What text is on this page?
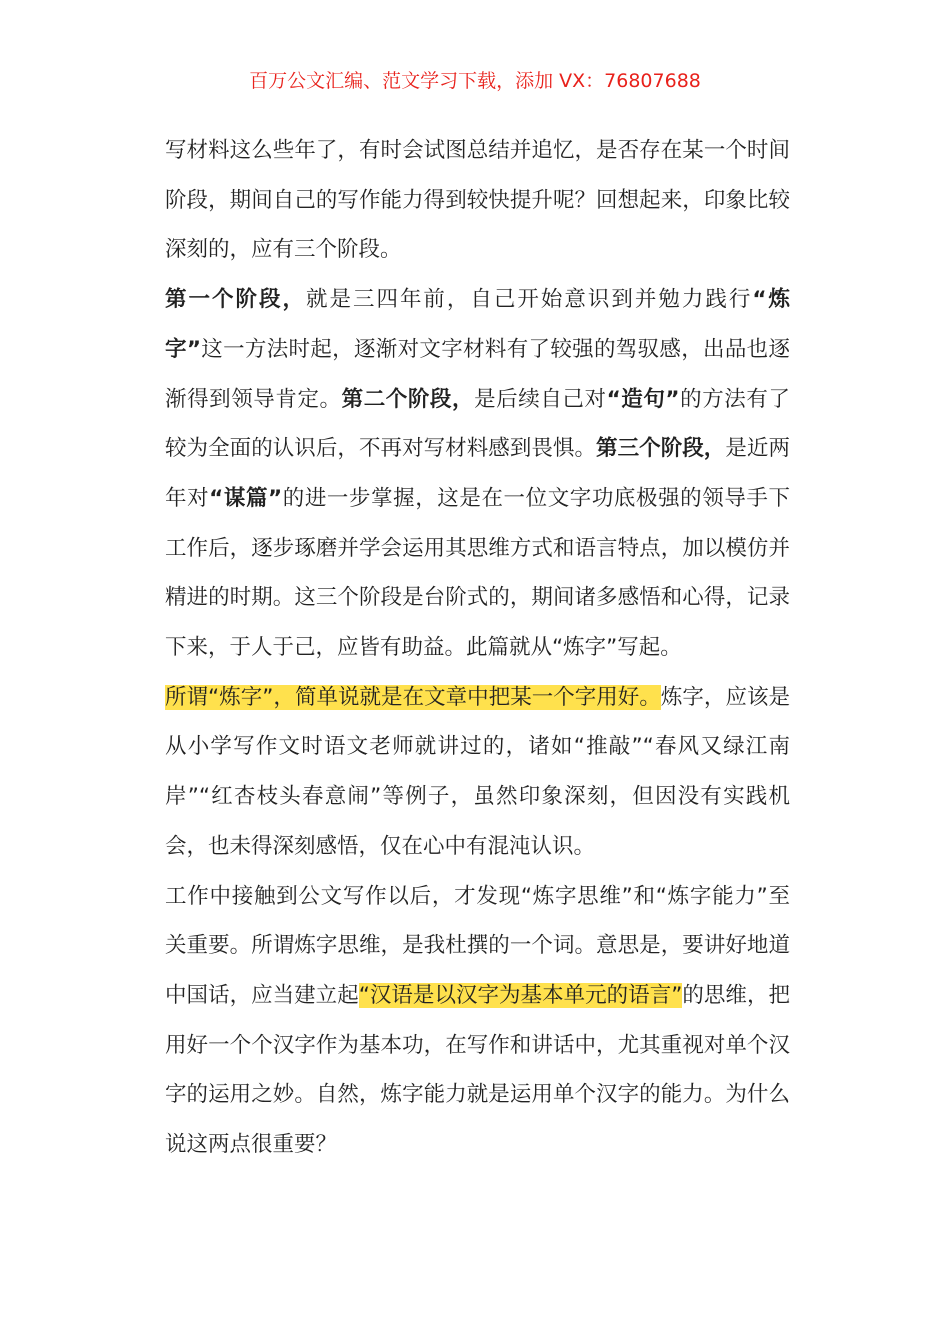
百万公文汇编、范文学习下载，添加 VX：76807688

写材料这么些年了，有时会试图总结并追忆，是否存在某一个时间阶段，期间自己的写作能力得到较快提升呢？回想起来，印象比较深刻的，应有三个阶段。

第一个阶段，就是三四年前，自己开始意识到并勉力践行“炼字”这一方法时起，逐渐对文字材料有了较强的驾驭感，出品也逐渐得到领导肯定。第二个阶段，是后续自己对“造句”的方法有了较为全面的认识后，不再对写材料感到畏惧。第三个阶段，是近两年对“谋篇”的进一步掌握，这是在一位文字功底极强的领导手下工作后，逐步琢磨并学会运用其思维方式和语言特点，加以模仿并精进的时期。这三个阶段是台阶式的，期间诸多感悟和心得，记录下来，于人于己，应皆有助益。此篇就从“炼字”写起。

所谓“炼字”，简单说就是在文章中把某一个字用好。炼字，应该是从小学写作文时语文老师就讲过的，诸如“推敲”“春风又绿江南岸”“红杏枝头春意闹”等例子，虽然印象深刻，但因没有实践机会，也未得深刻感悟，仅在心中有混沌认识。

工作中接触到公文写作以后，才发现“炼字思维”和“炼字能力”至关重要。所谓炼字思维，是我杜撰的一个词。意思是，要讲好地道中国话，应当建立起“汉语是以汉字为基本单元的语言”的思维，把用好一个个汉字作为基本功，在写作和讲话中，尤其重视对单个汉字的运用之妙。自然，炼字能力就是运用单个汉字的能力。为什么说这两点很重要？
